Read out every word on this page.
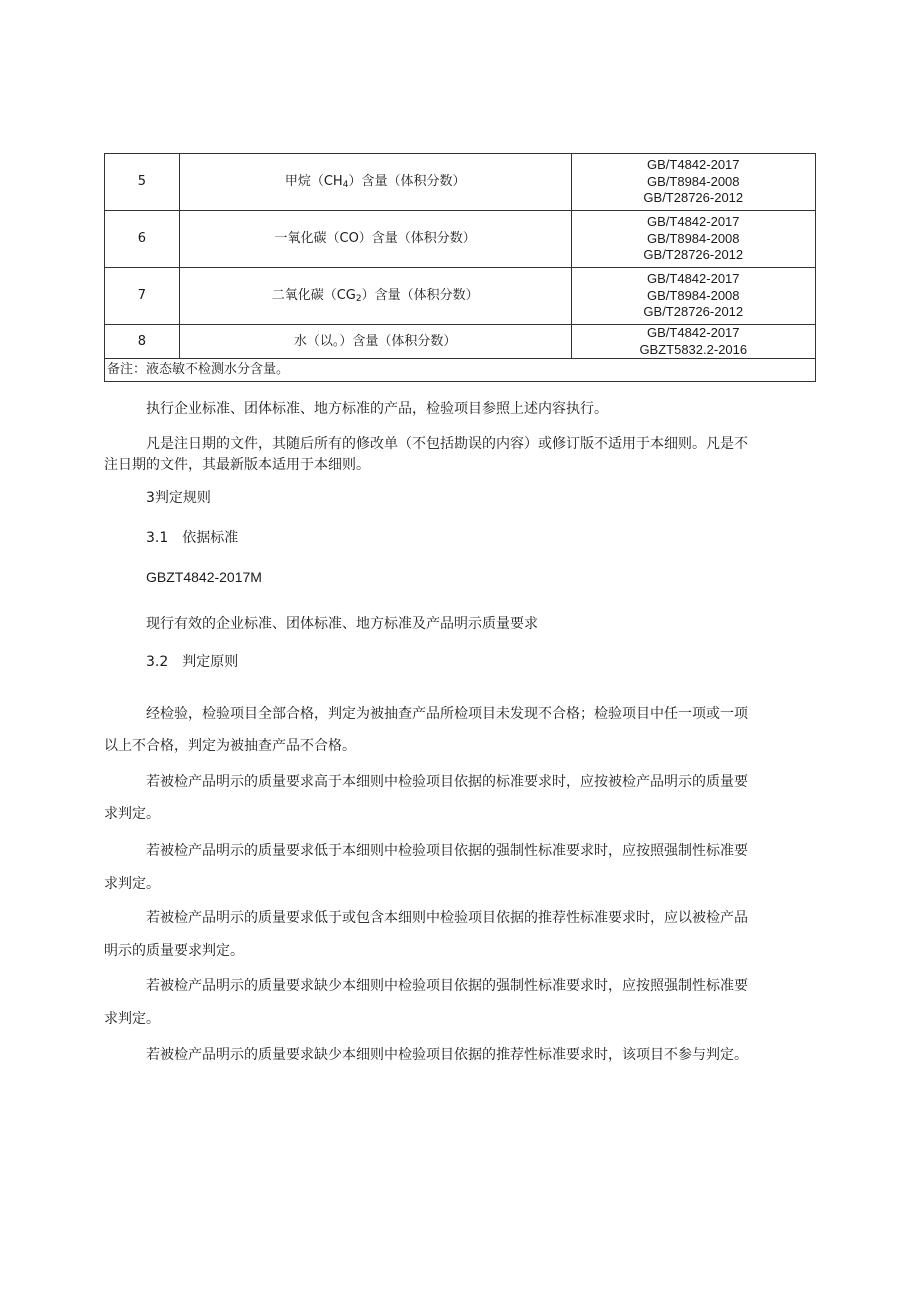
5	甲烷$(CH_4)$含量（体积分数）	GB/T4842-2017
GB/T8984-2008
GB/T28726-2012

6	一氧化碳（CO）含量（体积分数）	GB/T4842-2017
GB/T8984-2008
GB/T28726-2012

7	二氧化碳$(CG_2)$含量（体积分数）	GB/T4842-2017
GB/T8984-2008
GB/T28726-2012

8	水（以。）含量（体积分数）	GB/T4842-2017
GBZT5832.2-2016

备注：液态敏不检测水分含量。		

执行企业标准、团体标准、地方标准的产品，检验项目参照上述内容执行。

凡是注日期的文件，其随后所有的修改单（不包括勘误的内容）或修订版不适用于本细则。凡是不

注日期的文件，其最新版本适用于本细则。

3判定规则

3.1　依据标准

GBZT4842-2017M

现行有效的企业标准、团体标准、地方标准及产品明示质量要求

3.2　判定原则

经检验，检验项目全部合格，判定为被抽查产品所检项目未发现不合格；检验项目中任一项或一项

以上不合格，判定为被抽查产品不合格。

若被检产品明示的质量要求高于本细则中检验项目依据的标准要求时，应按被检产品明示的质量要

求判定。

若被检产品明示的质量要求低于本细则中检验项目依据的强制性标准要求时，应按照强制性标准要

求判定。

若被检产品明示的质量要求低于或包含本细则中检验项目依据的推荐性标准要求时，应以被检产品

明示的质量要求判定。

若被检产品明示的质量要求缺少本细则中检验项目依据的强制性标准要求时，应按照强制性标准要

求判定。

若被检产品明示的质量要求缺少本细则中检验项目依据的推荐性标准要求时，该项目不参与判定。
